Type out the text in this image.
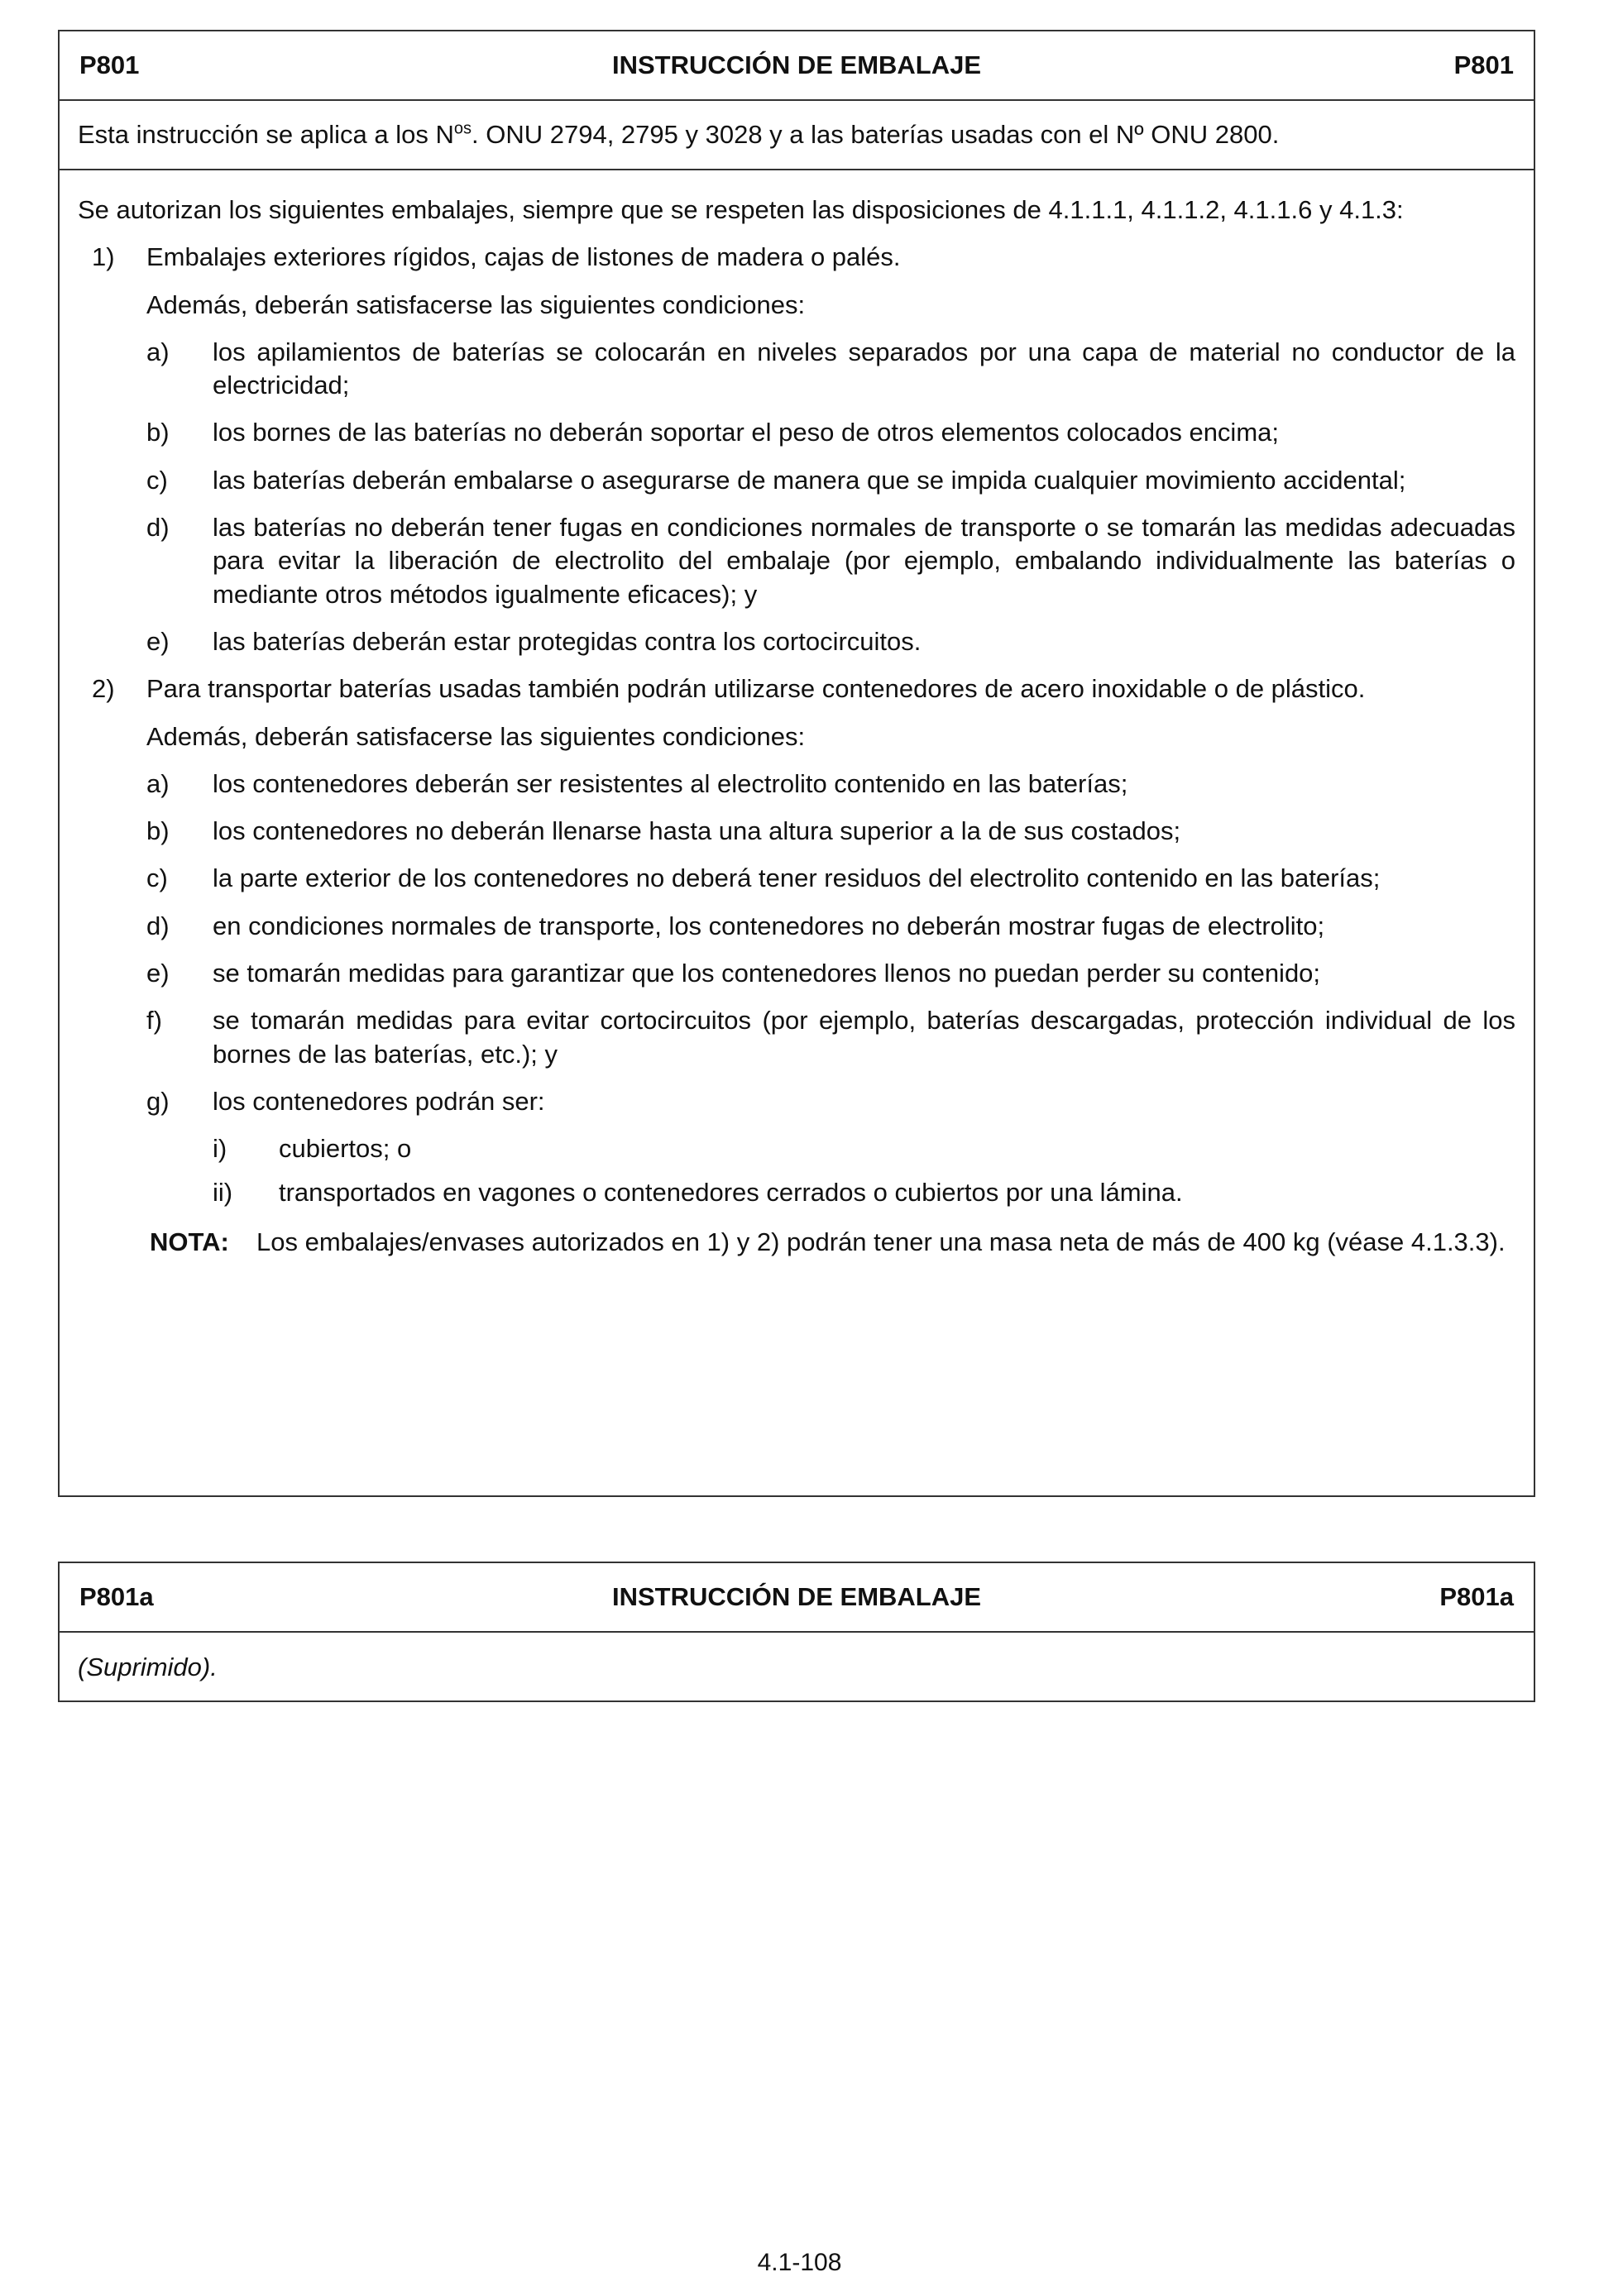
P801	INSTRUCCIÓN DE EMBALAJE	P801
Esta instrucción se aplica a los $N^{os}$. ONU 2794, 2795 y 3028 y a las baterías usadas con el Nº ONU 2800.
Se autorizan los siguientes embalajes, siempre que se respeten las disposiciones de 4.1.1.1, 4.1.1.2, 4.1.1.6 y 4.1.3:
1) Embalajes exteriores rígidos, cajas de listones de madera o palés.
Además, deberán satisfacerse las siguientes condiciones:
a) los apilamientos de baterías se colocarán en niveles separados por una capa de material no conductor de la electricidad;
b) los bornes de las baterías no deberán soportar el peso de otros elementos colocados encima;
c) las baterías deberán embalarse o asegurarse de manera que se impida cualquier movimiento accidental;
d) las baterías no deberán tener fugas en condiciones normales de transporte o se tomarán las medidas adecuadas para evitar la liberación de electrolito del embalaje (por ejemplo, embalando individualmente las baterías o mediante otros métodos igualmente eficaces); y
e) las baterías deberán estar protegidas contra los cortocircuitos.
2) Para transportar baterías usadas también podrán utilizarse contenedores de acero inoxidable o de plástico.
Además, deberán satisfacerse las siguientes condiciones:
a) los contenedores deberán ser resistentes al electrolito contenido en las baterías;
b) los contenedores no deberán llenarse hasta una altura superior a la de sus costados;
c) la parte exterior de los contenedores no deberá tener residuos del electrolito contenido en las baterías;
d) en condiciones normales de transporte, los contenedores no deberán mostrar fugas de electrolito;
e) se tomarán medidas para garantizar que los contenedores llenos no puedan perder su contenido;
f) se tomarán medidas para evitar cortocircuitos (por ejemplo, baterías descargadas, protección individual de los bornes de las baterías, etc.); y
g) los contenedores podrán ser:
i) cubiertos; o
ii) transportados en vagones o contenedores cerrados o cubiertos por una lámina.
NOTA: Los embalajes/envases autorizados en 1) y 2) podrán tener una masa neta de más de 400 kg (véase 4.1.3.3).
P801a	INSTRUCCIÓN DE EMBALAJE	P801a
(Suprimido).
4.1-108
